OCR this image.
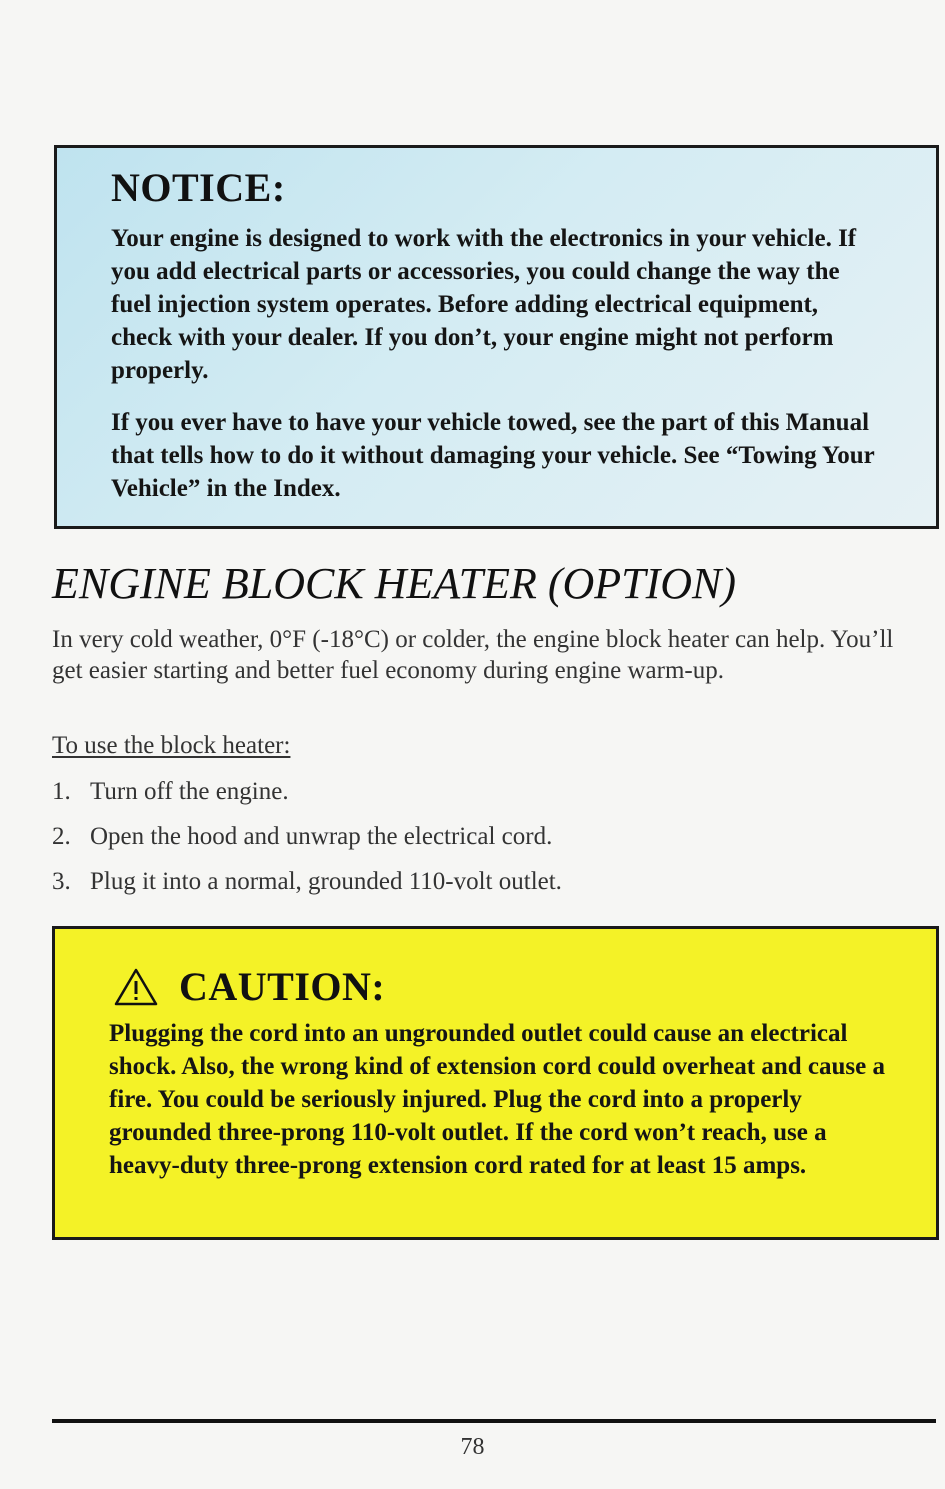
NOTICE:

Your engine is designed to work with the electronics in your vehicle. If you add electrical parts or accessories, you could change the way the fuel injection system operates. Before adding electrical equipment, check with your dealer. If you don’t, your engine might not perform properly.

If you ever have to have your vehicle towed, see the part of this Manual that tells how to do it without damaging your vehicle. See “Towing Your Vehicle” in the Index.

ENGINE BLOCK HEATER (OPTION)

In very cold weather, 0°F (-18°C) or colder, the engine block heater can help. You’ll get easier starting and better fuel economy during engine warm-up.

To use the block heater:

1. Turn off the engine.
2. Open the hood and unwrap the electrical cord.
3. Plug it into a normal, grounded 110-volt outlet.
CAUTION:

Plugging the cord into an ungrounded outlet could cause an electrical shock. Also, the wrong kind of extension cord could overheat and cause a fire. You could be seriously injured. Plug the cord into a properly grounded three-prong 110-volt outlet. If the cord won’t reach, use a heavy-duty three-prong extension cord rated for at least 15 amps.

78
